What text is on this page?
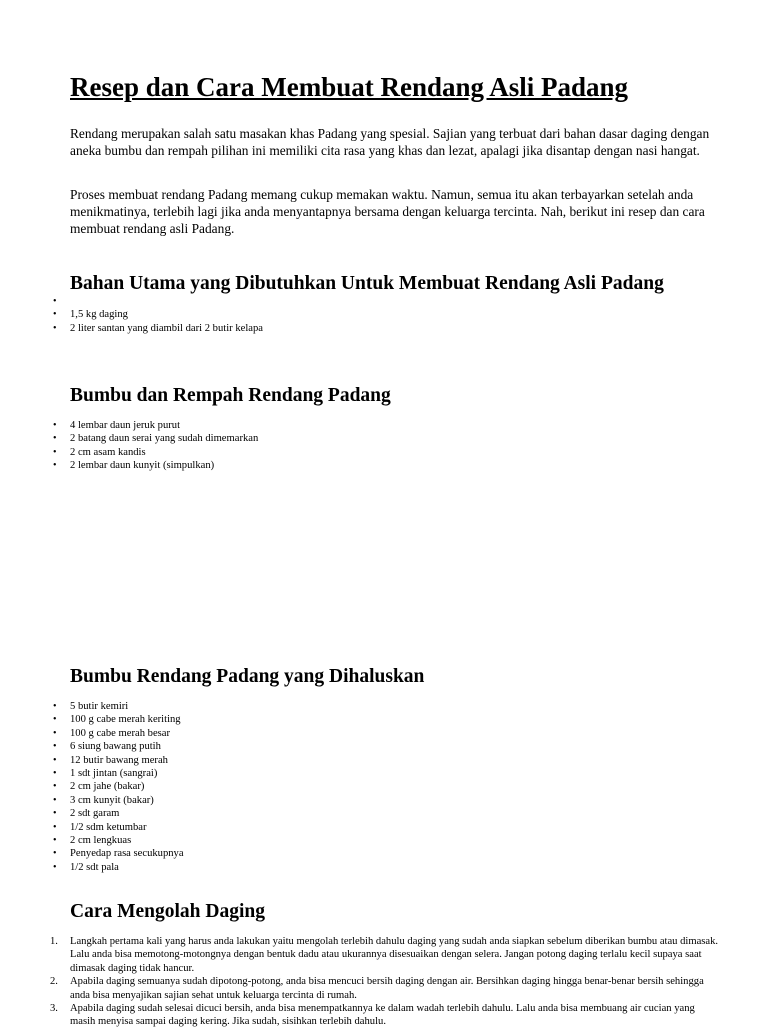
Resep dan Cara Membuat Rendang Asli Padang

Rendang merupakan salah satu masakan khas Padang yang spesial. Sajian yang terbuat dari bahan dasar daging dengan aneka bumbu dan rempah pilihan ini memiliki cita rasa yang khas dan lezat, apalagi jika disantap dengan nasi hangat.

Proses membuat rendang Padang memang cukup memakan waktu. Namun, semua itu akan terbayarkan setelah anda menikmatinya, terlebih lagi jika anda menyantapnya bersama dengan keluarga tercinta. Nah, berikut ini resep dan cara membuat rendang asli Padang.

Bahan Utama yang Dibutuhkan Untuk Membuat Rendang Asli Padang
•
• 1,5 kg daging
• 2 liter santan yang diambil dari 2 butir kelapa
Bumbu dan Rempah Rendang Padang
• 4 lembar daun jeruk purut
• 2 batang daun serai yang sudah dimemarkan
• 2 cm asam kandis
• 2 lembar daun kunyit (simpulkan)
Bumbu Rendang Padang yang Dihaluskan
• 5 butir kemiri
• 100 g cabe merah keriting
• 100 g cabe merah besar
• 6 siung bawang putih
• 12 butir bawang merah
• 1 sdt jintan (sangrai)
• 2 cm jahe (bakar)
• 3 cm kunyit (bakar)
• 2 sdt garam
• 1/2 sdm ketumbar
• 2 cm lengkuas
• Penyedap rasa secukupnya
• 1/2 sdt pala
Cara Mengolah Daging
1. Langkah pertama kali yang harus anda lakukan yaitu mengolah terlebih dahulu daging yang sudah anda siapkan sebelum diberikan bumbu atau dimasak. Lalu anda bisa memotong-motongnya dengan bentuk dadu atau ukurannya disesuaikan dengan selera. Jangan potong daging terlalu kecil supaya saat dimasak daging tidak hancur.
2. Apabila daging semuanya sudah dipotong-potong, anda bisa mencuci bersih daging dengan air. Bersihkan daging hingga benar-benar bersih sehingga anda bisa menyajikan sajian sehat untuk keluarga tercinta di rumah.
3. Apabila daging sudah selesai dicuci bersih, anda bisa menempatkannya ke dalam wadah terlebih dahulu. Lalu anda bisa membuang air cucian yang masih menyisa sampai daging kering. Jika sudah, sisihkan terlebih dahulu.
